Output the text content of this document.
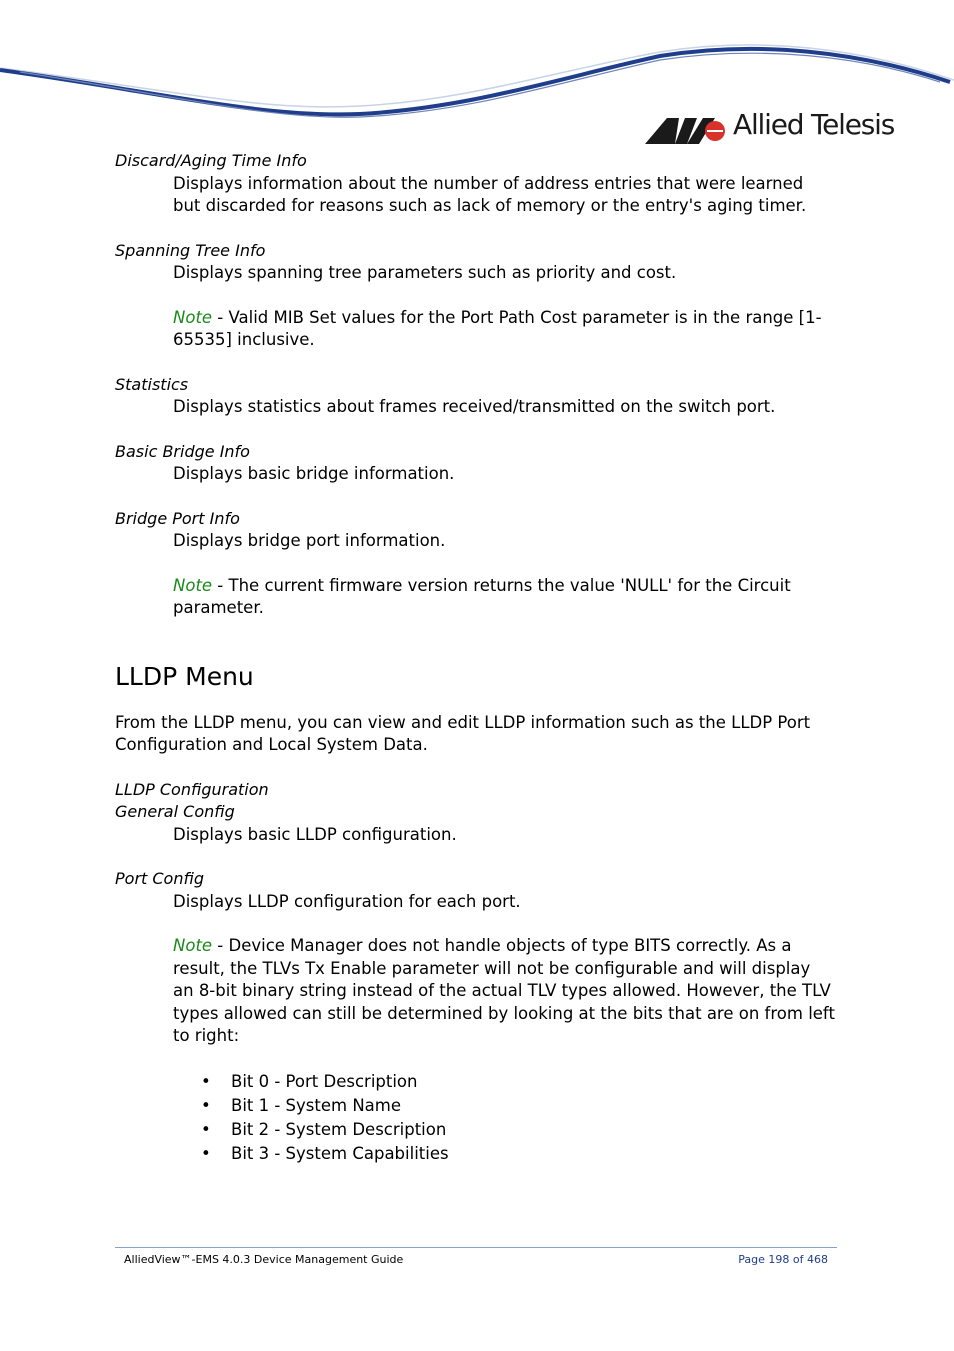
Allied Telesis
Discard/Aging Time Info
Displays information about the number of address entries that were learned but discarded for reasons such as lack of memory or the entry's aging timer.
Spanning Tree Info
Displays spanning tree parameters such as priority and cost.
Note - Valid MIB Set values for the Port Path Cost parameter is in the range [1-65535] inclusive.
Statistics
Displays statistics about frames received/transmitted on the switch port.
Basic Bridge Info
Displays basic bridge information.
Bridge Port Info
Displays bridge port information.
Note - The current firmware version returns the value 'NULL' for the Circuit parameter.
LLDP Menu
From the LLDP menu, you can view and edit LLDP information such as the LLDP Port Configuration and Local System Data.
LLDP Configuration
General Config
Displays basic LLDP configuration.
Port Config
Displays LLDP configuration for each port.
Note - Device Manager does not handle objects of type BITS correctly. As a result, the TLVs Tx Enable parameter will not be configurable and will display an 8-bit binary string instead of the actual TLV types allowed. However, the TLV types allowed can still be determined by looking at the bits that are on from left to right:
• Bit 0 - Port Description
• Bit 1 - System Name
• Bit 2 - System Description
• Bit 3 - System Capabilities
AlliedView™-EMS 4.0.3 Device Management Guide	Page 198 of 468
